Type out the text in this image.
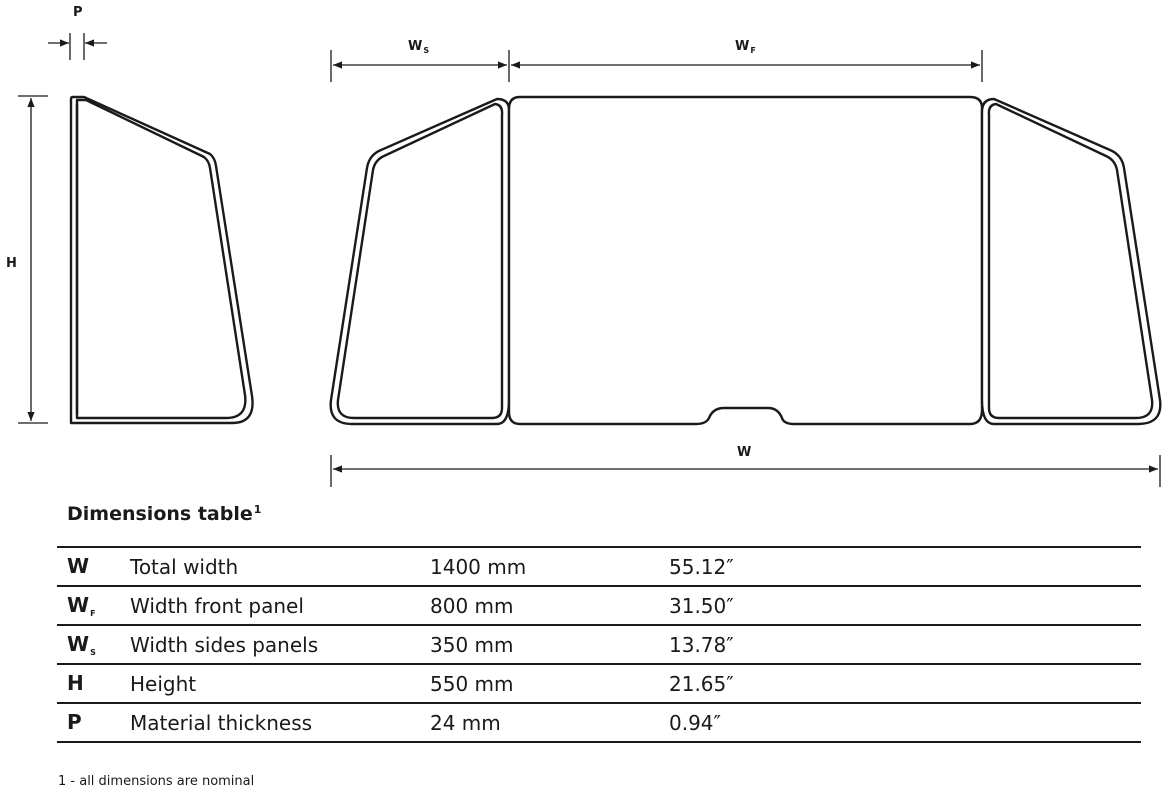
P
H
$W_S$	$W_F$
W
Dimensions table$^1$
W	Total width	1400 mm	55.12″
$W_F$	Width front panel	800 mm	31.50″
$W_S$	Width sides panels	350 mm	13.78″
H	Height	550 mm	21.65″
P	Material thickness	24 mm	0.94″
1 - all dimensions are nominal
